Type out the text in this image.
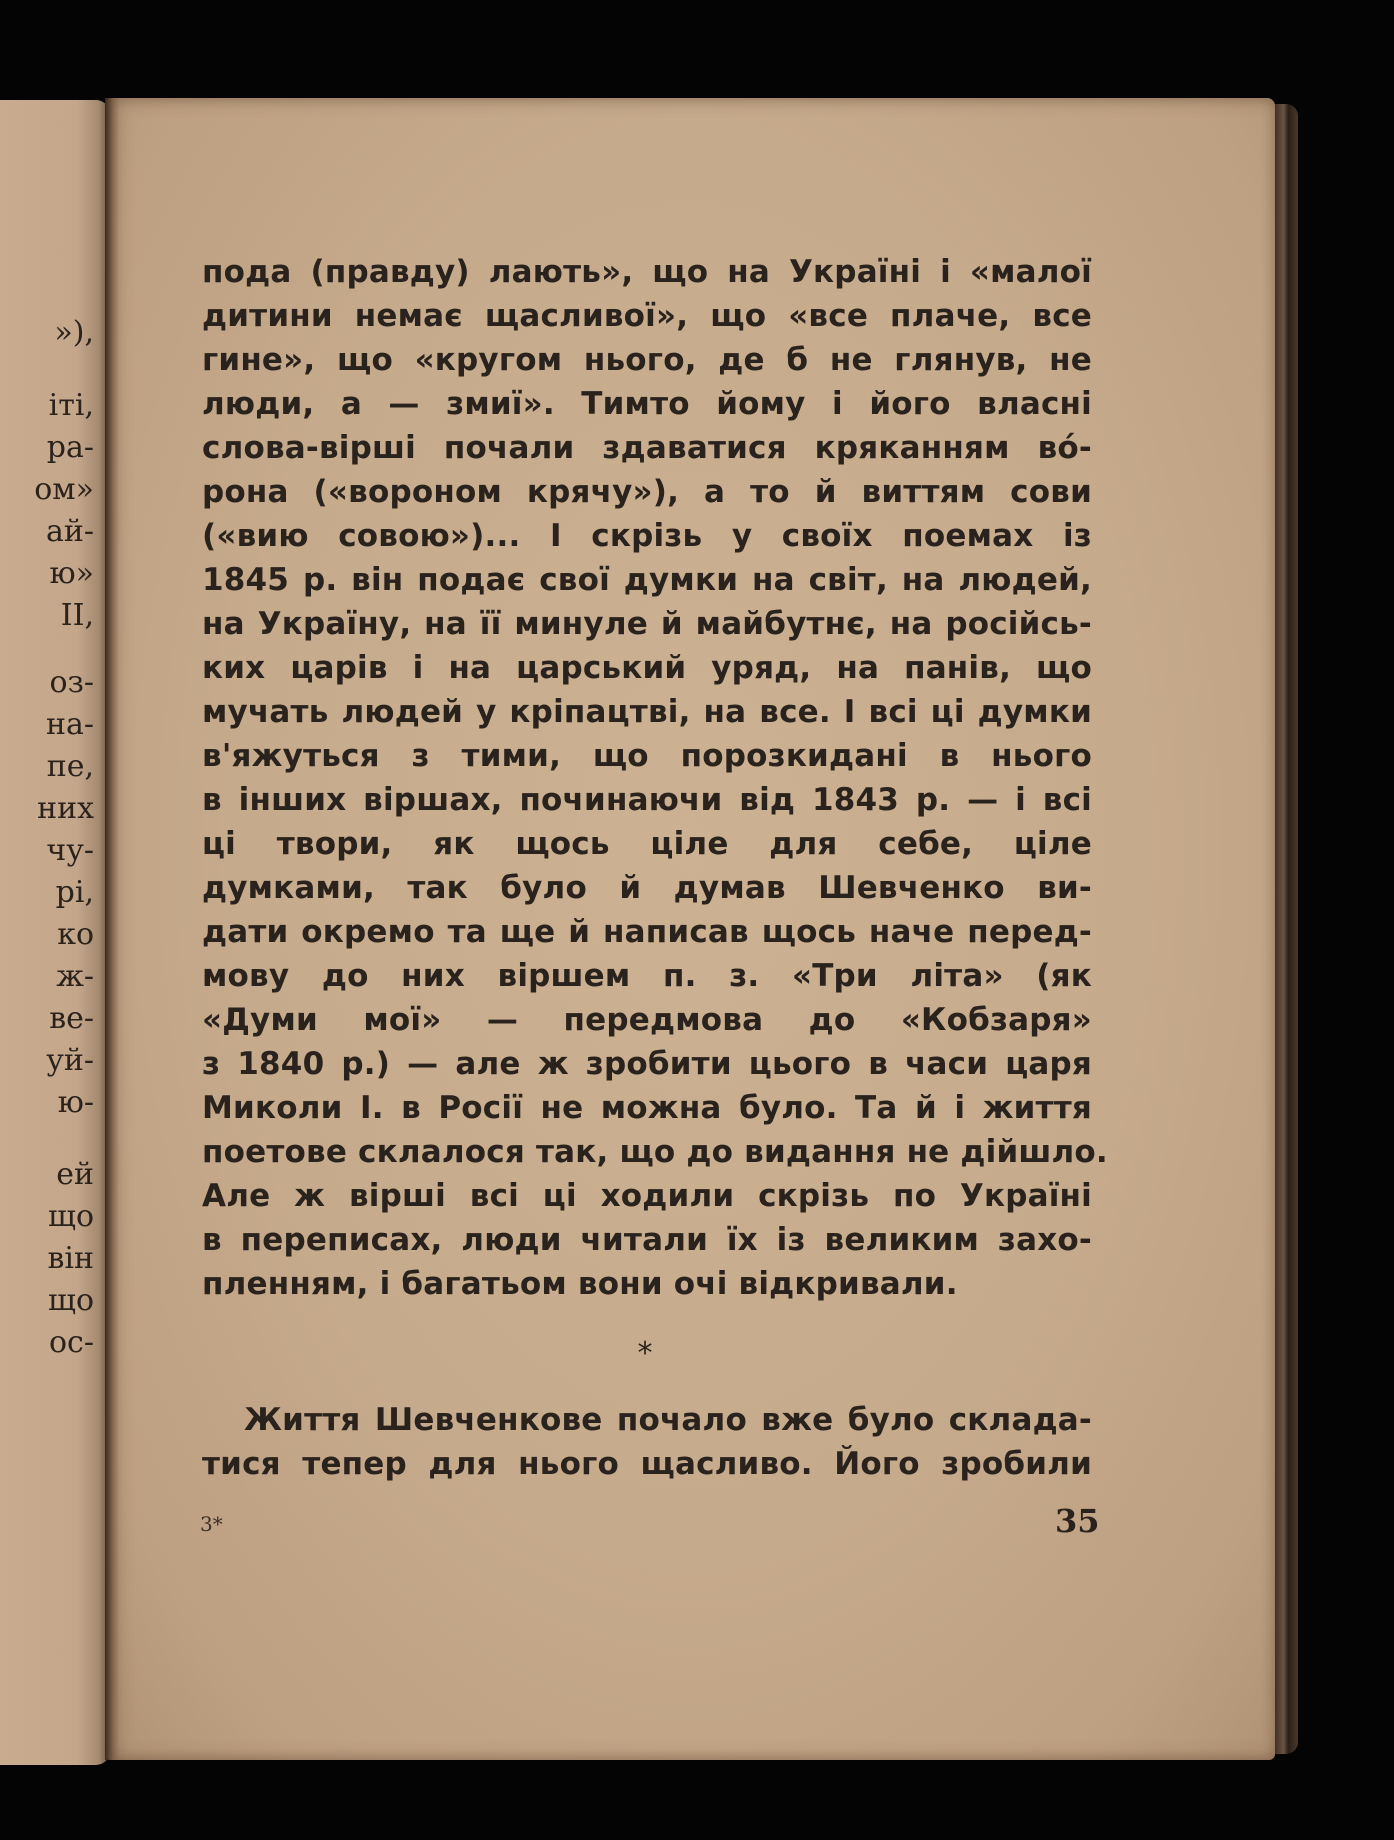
»),
іті,
ра-
ом»
ай-
ю»
II,
оз-
на-
пе,
них
чу-
рі,
ко
ж-
ве-
уй-
ю-
ей
що
він
що
ос-
пода (правду) лають», що на Україні і «малої
дитини немає щасливої», що «все плаче, все
гине», що «кругом нього, де б не глянув, не
люди, а — змиї». Тимто йому і його власні
слова-вірші почали здаватися кряканням во́-
рона («вороном крячу»), а то й виттям сови
(«вию совою»)... І скрізь у своїх поемах із
1845 р. він подає свої думки на світ, на людей,
на Україну, на її минуле й майбутнє, на російсь-
ких царів і на царський уряд, на панів, що
мучать людей у кріпацтві, на все. І всі ці думки
в'яжуться з тими, що порозкидані в нього
в інших віршах, починаючи від 1843 р. — і всі
ці твори, як щось ціле для себе, ціле
думками, так було й думав Шевченко ви-
дати окремо та ще й написав щось наче перед-
мову до них віршем п. з. «Три літа» (як
«Думи мої» — передмова до «Кобзаря»
з 1840 р.) — але ж зробити цього в часи царя
Миколи І. в Росії не можна було. Та й і життя
поетове склалося так, що до видання не дійшло.
Але ж вірші всі ці ходили скрізь по Україні
в переписах, люди читали їх із великим захо-
пленням, і багатьом вони очі відкривали.
*
Життя Шевченкове почало вже було склада-
тися тепер для нього щасливо. Його зробили
3*	35
